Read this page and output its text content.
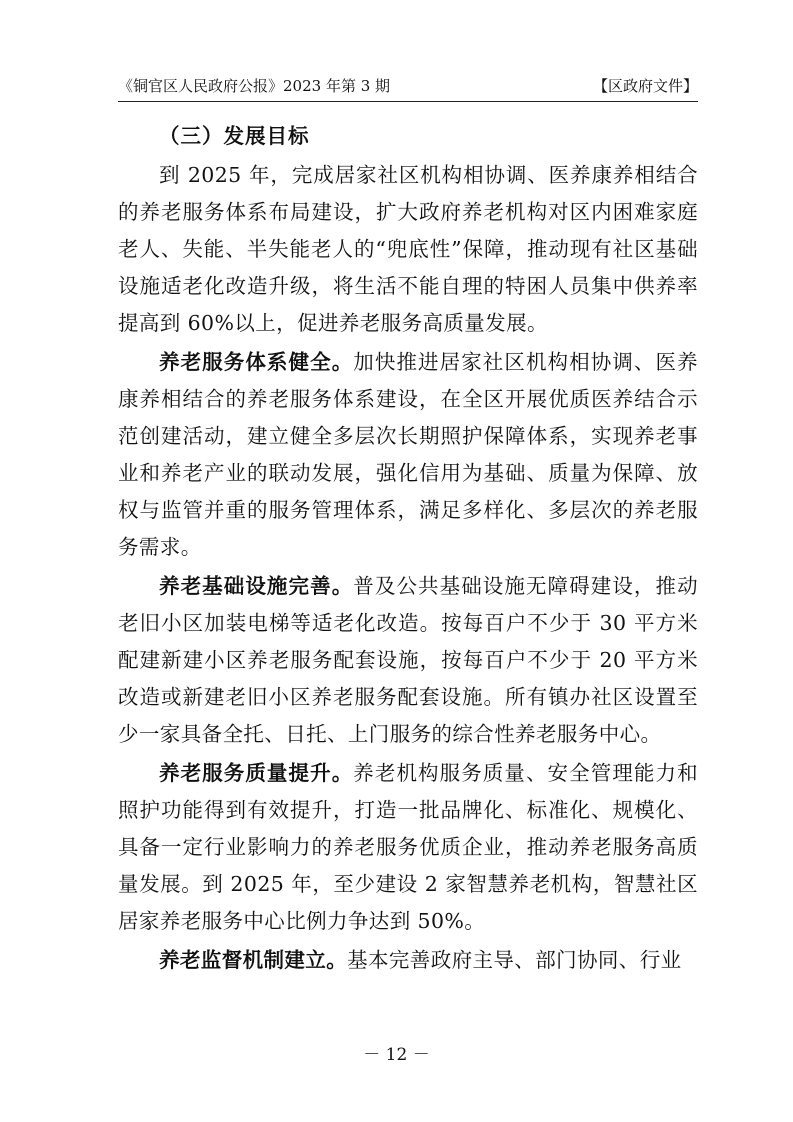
《铜官区人民政府公报》2023 年第 3 期	【区政府文件】

（三）发展目标

到 2025 年，完成居家社区机构相协调、医养康养相结合的养老服务体系布局建设，扩大政府养老机构对区内困难家庭老人、失能、半失能老人的“兜底性”保障，推动现有社区基础设施适老化改造升级，将生活不能自理的特困人员集中供养率提高到 60%以上，促进养老服务高质量发展。

养老服务体系健全。加快推进居家社区机构相协调、医养康养相结合的养老服务体系建设，在全区开展优质医养结合示范创建活动，建立健全多层次长期照护保障体系，实现养老事业和养老产业的联动发展，强化信用为基础、质量为保障、放权与监管并重的服务管理体系，满足多样化、多层次的养老服务需求。

养老基础设施完善。普及公共基础设施无障碍建设，推动老旧小区加装电梯等适老化改造。按每百户不少于 30 平方米配建新建小区养老服务配套设施，按每百户不少于 20 平方米改造或新建老旧小区养老服务配套设施。所有镇办社区设置至少一家具备全托、日托、上门服务的综合性养老服务中心。

养老服务质量提升。养老机构服务质量、安全管理能力和照护功能得到有效提升，打造一批品牌化、标准化、规模化、具备一定行业影响力的养老服务优质企业，推动养老服务高质量发展。到 2025 年，至少建设 2 家智慧养老机构，智慧社区居家养老服务中心比例力争达到 50%。

养老监督机制建立。基本完善政府主导、部门协同、行业

－ 12 －
